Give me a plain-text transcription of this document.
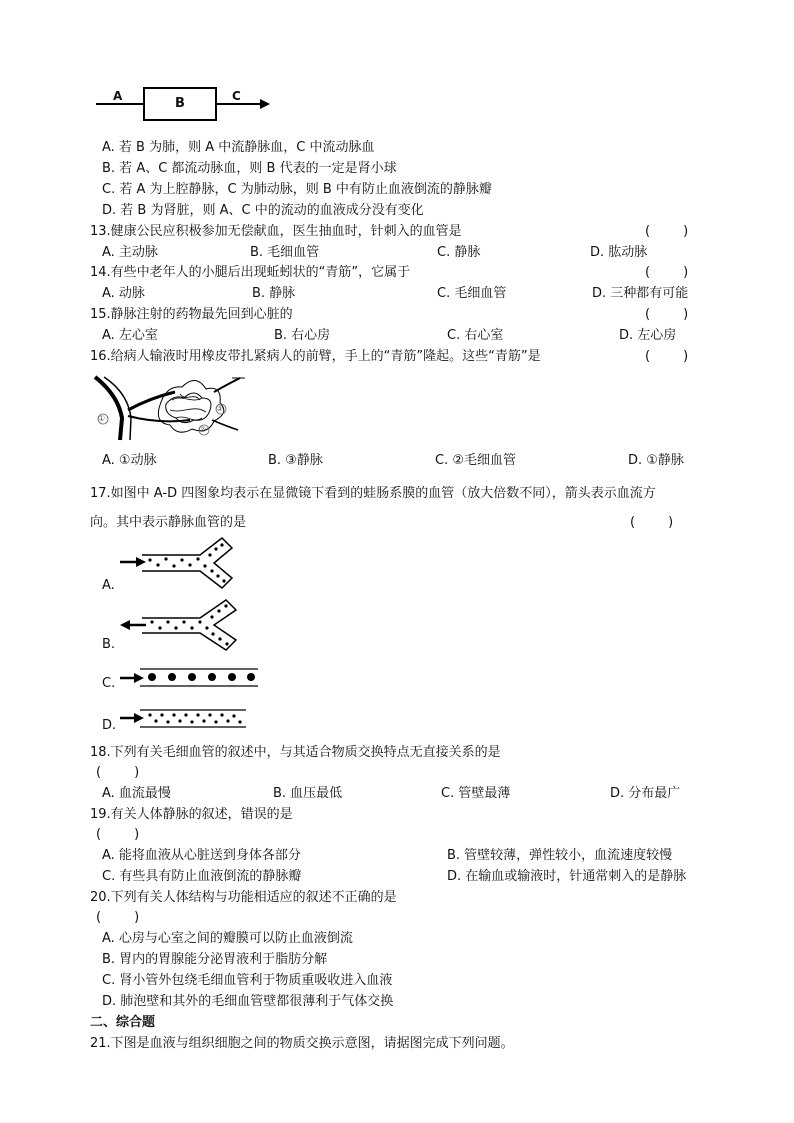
A	B	C
A. 若 B 为肺，则 A 中流静脉血，C 中流动脉血
B. 若 A、C 都流动脉血，则 B 代表的一定是肾小球
C. 若 A 为上腔静脉，C 为肺动脉，则 B 中有防止血液倒流的静脉瓣
D. 若 B 为肾脏，则 A、C 中的流动的血液成分没有变化
13.健康公民应积极参加无偿献血，医生抽血时，针刺入的血管是	(        )
A. 主动脉	B. 毛细血管	C. 静脉	D. 肱动脉
14.有些中老年人的小腿后出现蚯蚓状的“青筋”，它属于	(        )
A. 动脉	B. 静脉	C. 毛细血管	D. 三种都有可能
15.静脉注射的药物最先回到心脏的	(        )
A. 左心室	B. 右心房	C. 右心室	D. 左心房
16.给病人输液时用橡皮带扎紧病人的前臂，手上的“青筋”隆起。这些“青筋”是	(        )
①
③
②
A. ①动脉	B. ③静脉	C. ②毛细血管	D. ①静脉
17.如图中 A-D 四图象均表示在显微镜下看到的蛙肠系膜的血管（放大倍数不同），箭头表示血流方
向。其中表示静脉血管的是	(        )
A.
B.
C.
D.
18.下列有关毛细血管的叙述中，与其适合物质交换特点无直接关系的是
(        )
A. 血流最慢	B. 血压最低	C. 管壁最薄	D. 分布最广
19.有关人体静脉的叙述，错误的是
(        )
A. 能将血液从心脏送到身体各部分	B. 管壁较薄，弹性较小，血流速度较慢
C. 有些具有防止血液倒流的静脉瓣	D. 在输血或输液时，针通常刺入的是静脉
20.下列有关人体结构与功能相适应的叙述不正确的是
(        )
A. 心房与心室之间的瓣膜可以防止血液倒流
B. 胃内的胃腺能分泌胃液利于脂肪分解
C. 肾小管外包绕毛细血管利于物质重吸收进入血液
D. 肺泡壁和其外的毛细血管壁都很薄利于气体交换
二、综合题
21.下图是血液与组织细胞之间的物质交换示意图，请据图完成下列问题。
